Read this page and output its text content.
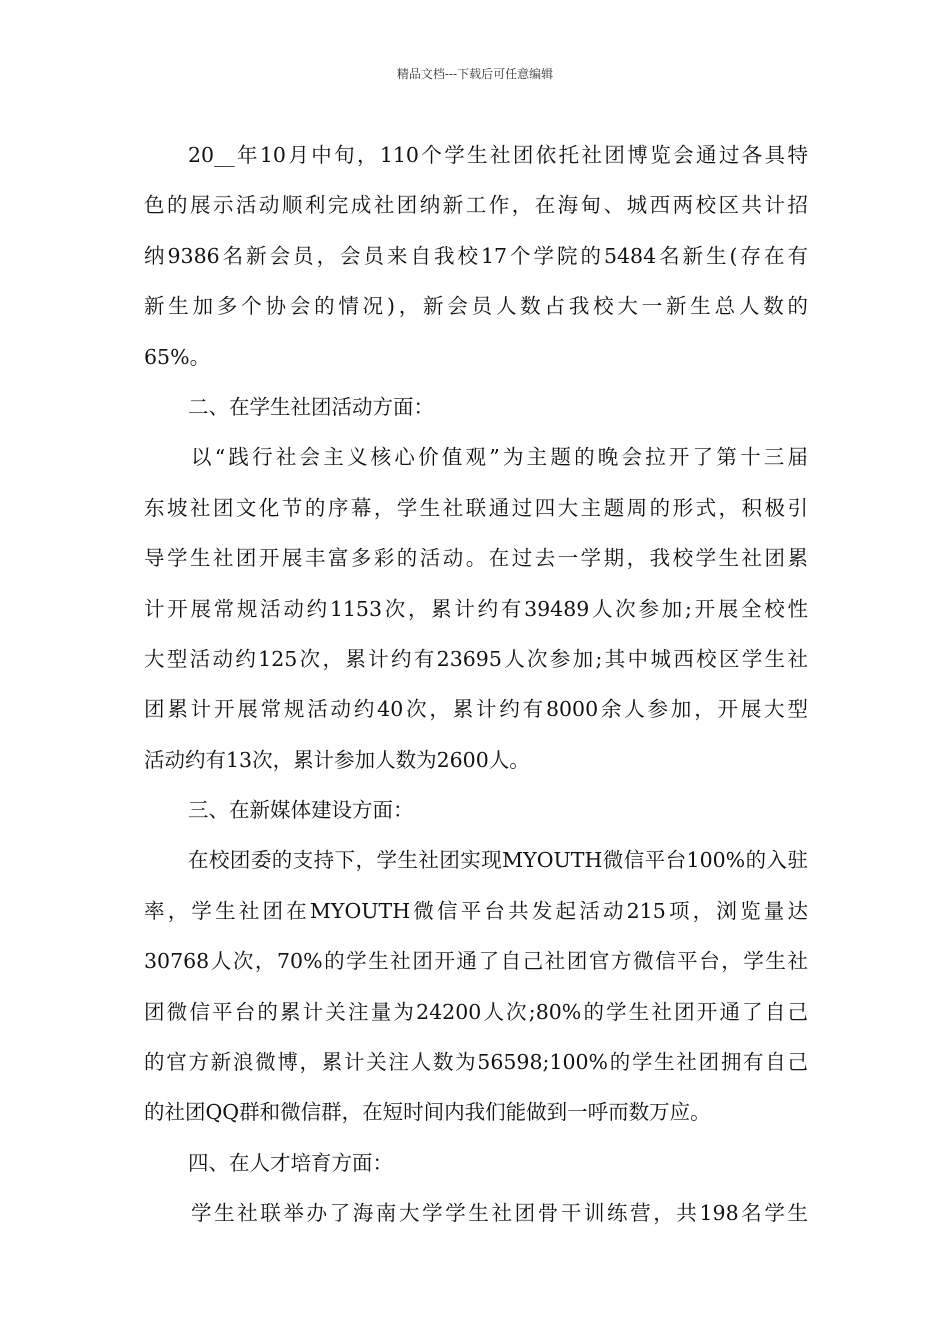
精品文档---下载后可任意编辑
20__年10月中旬，110个学生社团依托社团博览会通过各具特
色的展示活动顺利完成社团纳新工作，在海甸、城西两校区共计招
纳9386名新会员，会员来自我校17个学院的5484名新生(存在有
新生加多个协会的情况)，新会员人数占我校大一新生总人数的
65%。
二、在学生社团活动方面：
以“践行社会主义核心价值观”为主题的晚会拉开了第十三届
东坡社团文化节的序幕，学生社联通过四大主题周的形式，积极引
导学生社团开展丰富多彩的活动。在过去一学期，我校学生社团累
计开展常规活动约1153次，累计约有39489人次参加;开展全校性
大型活动约125次，累计约有23695人次参加;其中城西校区学生社
团累计开展常规活动约40次，累计约有8000余人参加，开展大型
活动约有13次，累计参加人数为2600人。
三、在新媒体建设方面：
在校团委的支持下，学生社团实现MYOUTH微信平台100%的入驻
率，学生社团在MYOUTH微信平台共发起活动215项，浏览量达
30768人次，70%的学生社团开通了自己社团官方微信平台，学生社
团微信平台的累计关注量为24200人次;80%的学生社团开通了自己
的官方新浪微博，累计关注人数为56598;100%的学生社团拥有自己
的社团QQ群和微信群，在短时间内我们能做到一呼而数万应。
四、在人才培育方面：
学生社联举办了海南大学学生社团骨干训练营，共198名学生
